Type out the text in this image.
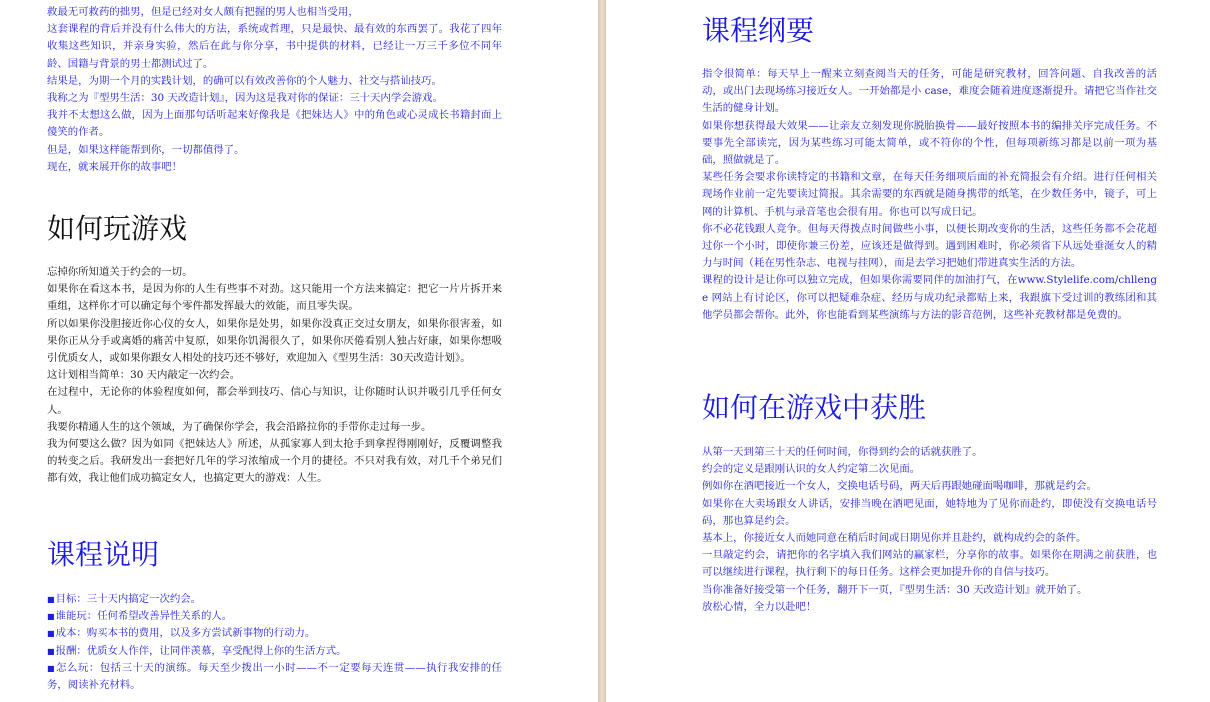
救最无可救药的拙男，但是已经对女人颇有把握的男人也相当受用，

这套课程的背后并没有什么伟大的方法，系统或哲理，只是最快、最有效的东西罢了。我花了四年收集这些知识，并亲身实验，然后在此与你分享，书中提供的材料，已经让一万三千多位不同年龄、国籍与背景的男士都测试过了。

结果是，为期一个月的实践计划，的确可以有效改善你的个人魅力、社交与搭讪技巧。

我称之为『型男生活：30 天改造计划』，因为这是我对你的保证：三十天内学会游戏。

我并不太想这么做，因为上面那句话听起来好像我是《把妹达人》中的角色或心灵成长书籍封面上傻笑的作者。

但是，如果这样能帮到你，一切都值得了。

现在，就来展开你的故事吧！

如何玩游戏

忘掉你所知道关于约会的一切。

如果你在看这本书，是因为你的人生有些事不对劲。这只能用一个方法来搞定：把它一片片拆开来重组，这样你才可以确定每个零件都发挥最大的效能，而且零失误。

所以如果你没胆接近你心仪的女人，如果你是处男，如果你没真正交过女朋友，如果你很害羞，如果你正从分手或离婚的痛苦中复原，如果你饥渴很久了，如果你厌倦看别人独占好康，如果你想吸引优质女人，或如果你跟女人相处的技巧还不够好，欢迎加入《型男生活：30天改造计划》。

这计划相当简单：30 天内敲定一次约会。

在过程中，无论你的体验程度如何，都会举到技巧、信心与知识，让你随时认识并吸引几乎任何女人。

我要你精通人生的这个领域，为了确保你学会，我会沿路拉你的手带你走过每一步。

我为何要这么做？因为如同《把妹达人》所述，从孤家寡人到太抢手到拿捏得刚刚好，反覆调整我的转变之后。我研发出一套把好几年的学习浓缩成一个月的捷径。不只对我有效，对几千个弟兄们都有效，我让他们成功搞定女人，也搞定更大的游戏：人生。

课程说明

■ 目标：三十天内搞定一次约会。

■ 谁能玩：任何希望改善异性关系的人。

■ 成本：购买本书的费用，以及多方尝试新事物的行动力。

■ 报酬：优质女人作伴，让同伴羡慕，享受配得上你的生活方式。

■ 怎么玩：包括三十天的演练。每天至少拨出一小时——不一定要每天连贯——执行我安排的任务，阅读补充材料。

课程纲要

指令很简单：每天早上一醒来立刻查阅当天的任务，可能是研究教材，回答问题、自我改善的活动，或出门去现场练习接近女人。一开始都是小 case，难度会随着进度逐渐提升。请把它当作社交生活的健身计划。

如果你想获得最大效果——让亲友立刻发现你脱胎换骨——最好按照本书的编排关序完成任务。不要事先全部读完，因为某些练习可能太简单，或不符你的个性，但每项新练习都是以前一项为基础，照做就是了。

某些任务会要求你读特定的书籍和文章，在每天任务细项后面的补充简报会有介绍。进行任何相关现场作业前一定先要读过简报。其余需要的东西就是随身携带的纸笔，在少数任务中，镜子，可上网的计算机、手机与录音笔也会很有用。你也可以写成日记。

你不必花钱跟人竞争。但每天得拨点时间做些小事，以便长期改变你的生活，这些任务都不会花超过你一个小时，即使你兼三份差，应该还是做得到。遇到困难时，你必须省下从远处垂涎女人的精力与时间（耗在男性杂志、电视与挂网），而是去学习把她们带进真实生活的方法。

课程的设计是让你可以独立完成，但如果你需要同伴的加油打气，在www.Stylelife.com/chllenge 网站上有讨论区，你可以把疑难杂症、经历与成功纪录都贴上来，我跟旗下受过训的教练团和其他学员都会帮你。此外，你也能看到某些演练与方法的影音范例，这些补充教材都是免费的。

如何在游戏中获胜

从第一天到第三十天的任何时间，你得到约会的话就获胜了。

约会的定义是跟刚认识的女人约定第二次见面。

例如你在酒吧接近一个女人，交换电话号码，两天后再跟她碰面喝咖啡，那就是约会。

如果你在大卖场跟女人讲话，安排当晚在酒吧见面，她特地为了见你而赴约，即使没有交换电话号码，那也算是约会。

基本上，你接近女人而她同意在稍后时间或日期见你并且赴约，就构成约会的条件。

一旦敲定约会，请把你的名字填入我们网站的赢家栏，分享你的故事。如果你在期满之前获胜，也可以继续进行课程，执行剩下的每日任务。这样会更加提升你的自信与技巧。

当你准备好接受第一个任务，翻开下一页，『型男生活：30 天改造计划』就开始了。

放松心情，全力以赴吧！
